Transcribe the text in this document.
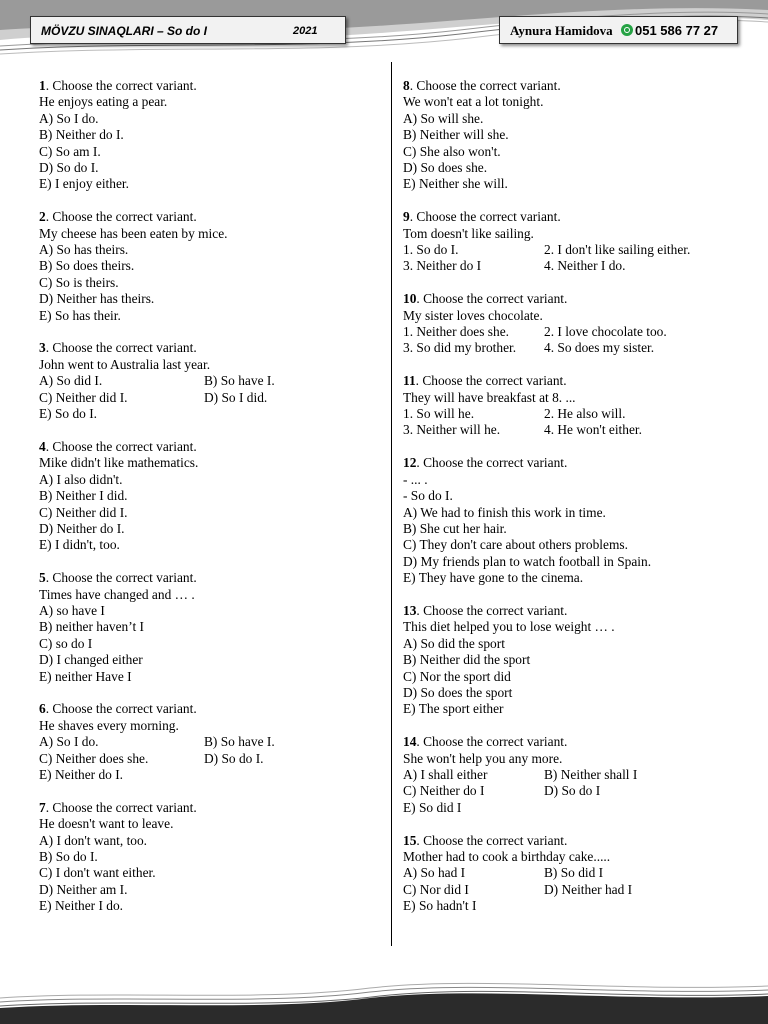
MÖVZU SINAQLARI – So do I	2021	Aynura Hamidova 051 586 77 27
1. Choose the correct variant.
He enjoys eating a pear.
A) So I do.
B) Neither do I.
C) So am I.
D) So do I.
E) I enjoy either.
2. Choose the correct variant.
My cheese has been eaten by mice.
A) So has theirs.
B) So does theirs.
C) So is theirs.
D) Neither has theirs.
E) So has their.
3. Choose the correct variant.
John went to Australia last year.
A) So did I.	B) So have I.
C) Neither did I.	D) So I did.
E) So do I.
4. Choose the correct variant.
Mike didn't like mathematics.
A) I also didn't.
B) Neither I did.
C) Neither did I.
D) Neither do I.
E) I didn't, too.
5. Choose the correct variant.
Times have changed and … .
A) so have I
B) neither haven’t I
C) so do I
D) I changed either
E) neither Have I
6. Choose the correct variant.
He shaves every morning.
A) So I do.	B) So have I.
C) Neither does she.	D) So do I.
E) Neither do I.
7. Choose the correct variant.
He doesn't want to leave.
A) I don't want, too.
B) So do I.
C) I don't want either.
D) Neither am I.
E) Neither I do.
8. Choose the correct variant.
We won't eat a lot tonight.
A) So will she.
B) Neither will she.
C) She also won't.
D) So does she.
E) Neither she will.
9. Choose the correct variant.
Tom doesn't like sailing.
1. So do I.	2. I don't like sailing either.
3. Neither do I	4. Neither I do.
10. Choose the correct variant.
My sister loves chocolate.
1. Neither does she.	2. I love chocolate too.
3. So did my brother.	4. So does my sister.
11. Choose the correct variant.
They will have breakfast at 8. ...
1. So will he.	2. He also will.
3. Neither will he.	4. He won't either.
12. Choose the correct variant.
- ... .
- So do I.
A) We had to finish this work in time.
B) She cut her hair.
C) They don't care about others problems.
D) My friends plan to watch football in Spain.
E) They have gone to the cinema.
13. Choose the correct variant.
This diet helped you to lose weight … .
A) So did the sport
B) Neither did the sport
C) Nor the sport did
D) So does the sport
E) The sport either
14. Choose the correct variant.
She won't help you any more.
A) I shall either	B) Neither shall I
C) Neither do I	D) So do I
E) So did I
15. Choose the correct variant.
Mother had to cook a birthday cake.....
A) So had I	B) So did I
C) Nor did I	D) Neither had I
E) So hadn't I
